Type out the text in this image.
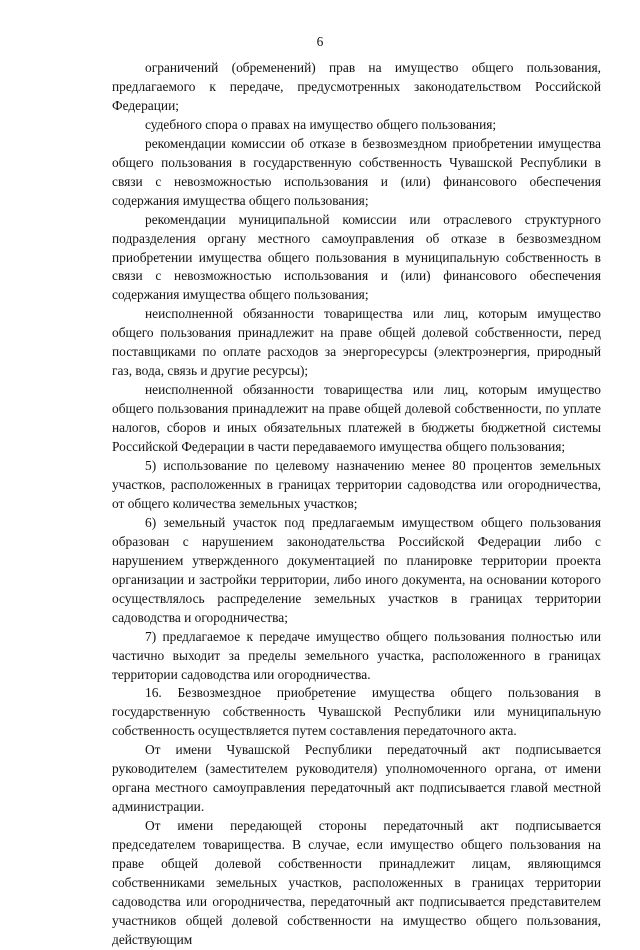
6

ограничений (обременений) прав на имущество общего пользования, предлагаемого к передаче, предусмотренных законодательством Российской Федерации;

судебного спора о правах на имущество общего пользования;

рекомендации комиссии об отказе в безвозмездном приобретении имущества общего пользования в государственную собственность Чувашской Республики в связи с невозможностью использования и (или) финансового обеспечения содержания имущества общего пользования;

рекомендации муниципальной комиссии или отраслевого структурного подразделения органу местного самоуправления об отказе в безвозмездном приобретении имущества общего пользования в муниципальную собственность в связи с невозможностью использования и (или) финансового обеспечения содержания имущества общего пользования;

неисполненной обязанности товарищества или лиц, которым имущество общего пользования принадлежит на праве общей долевой собственности, перед поставщиками по оплате расходов за энергоресурсы (электроэнергия, природный газ, вода, связь и другие ресурсы);

неисполненной обязанности товарищества или лиц, которым имущество общего пользования принадлежит на праве общей долевой собственности, по уплате налогов, сборов и иных обязательных платежей в бюджеты бюджетной системы Российской Федерации в части передаваемого имущества общего пользования;

5) использование по целевому назначению менее 80 процентов земельных участков, расположенных в границах территории садоводства или огородничества, от общего количества земельных участков;

6) земельный участок под предлагаемым имуществом общего пользования образован с нарушением законодательства Российской Федерации либо с нарушением утвержденного документацией по планировке территории проекта организации и застройки территории, либо иного документа, на основании которого осуществлялось распределение земельных участков в границах территории садоводства и огородничества;

7) предлагаемое к передаче имущество общего пользования полностью или частично выходит за пределы земельного участка, расположенного в границах территории садоводства или огородничества.

16. Безвозмездное приобретение имущества общего пользования в государственную собственность Чувашской Республики или муниципальную собственность осуществляется путем составления передаточного акта.

От имени Чувашской Республики передаточный акт подписывается руководителем (заместителем руководителя) уполномоченного органа, от имени органа местного самоуправления передаточный акт подписывается главой местной администрации.

От имени передающей стороны передаточный акт подписывается председателем товарищества. В случае, если имущество общего пользования на праве общей долевой собственности принадлежит лицам, являющимся собственниками земельных участков, расположенных в границах территории садоводства или огородничества, передаточный акт подписывается представителем участников общей долевой собственности на имущество общего пользования, действующим
